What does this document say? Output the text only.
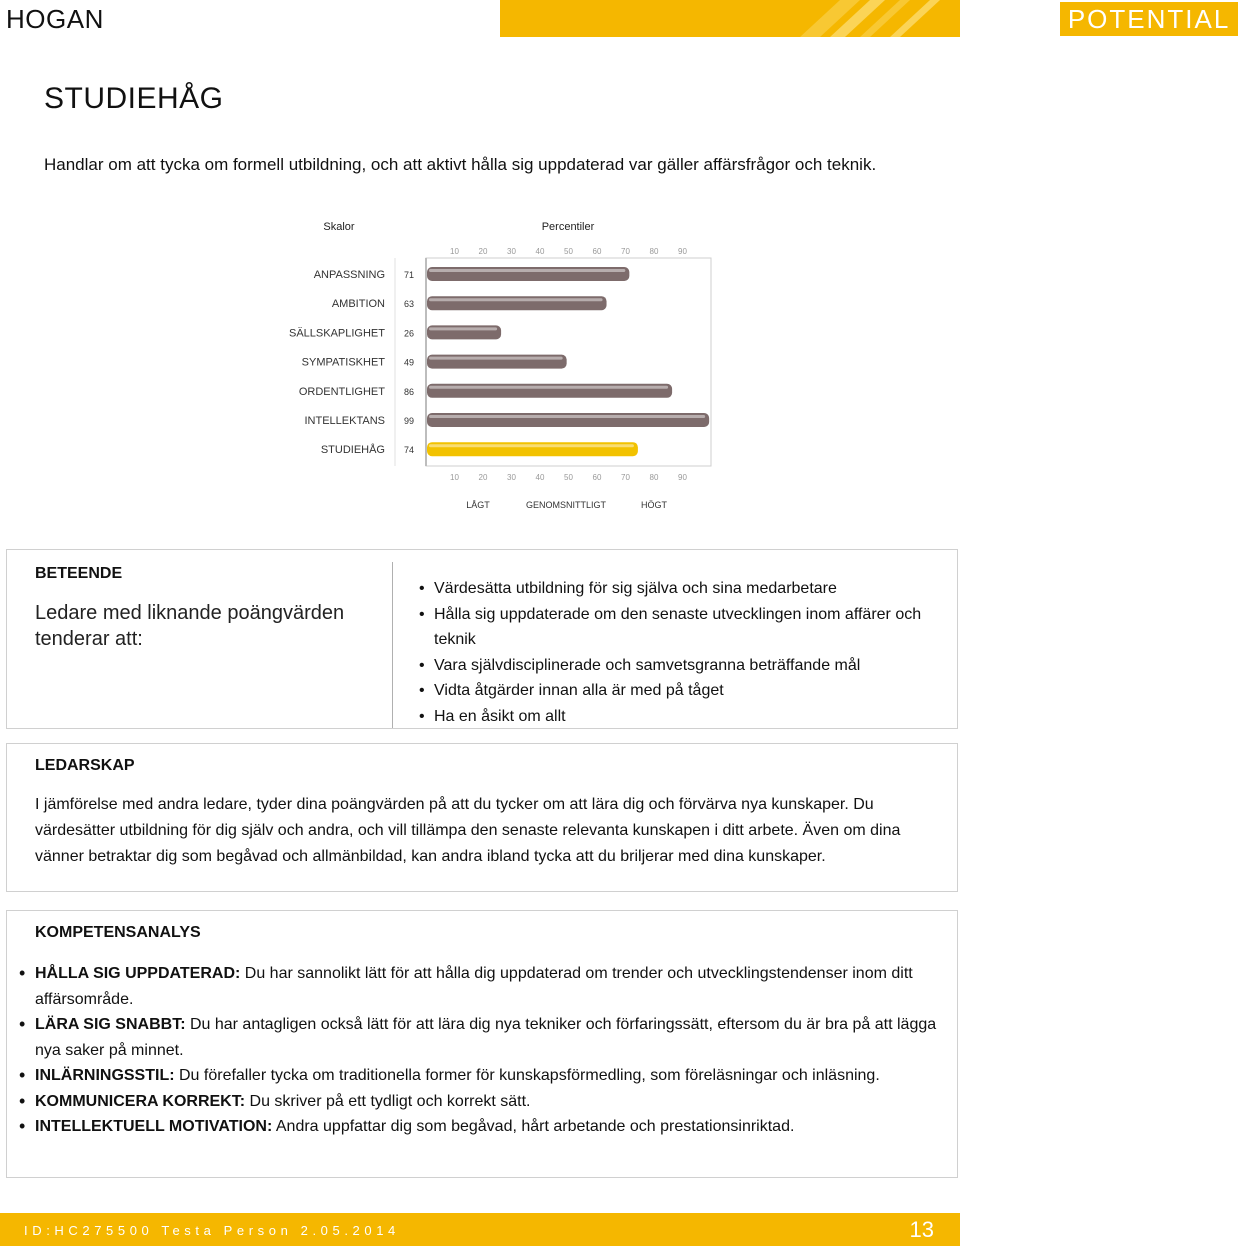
HOGAN	POTENTIAL
STUDIEHÅG
Handlar om att tycka om formell utbildning, och att aktivt hålla sig uppdaterad var gäller affärsfrågor och teknik.
Skalor	Percentiler
10
10
20
20
30
30
40
40
50
50
60
60
70
70
80
80
90
90
ANPASSNING 71
AMBITION 63
SÄLLSKAPLIGHET 26
SYMPATISKHET 49
ORDENTLIGHET 86
INTELLEKTANS 99
STUDIEHÅG 74
LÅGT	GENOMSNITTLIGT	HÖGT
BETEENDE
Ledare med liknande poängvärden tenderar att:
• Värdesätta utbildning för sig själva och sina medarbetare
• Hålla sig uppdaterade om den senaste utvecklingen inom affärer och teknik
• Vara självdisciplinerade och samvetsgranna beträffande mål
• Vidta åtgärder innan alla är med på tåget
• Ha en åsikt om allt
LEDARSKAP
I jämförelse med andra ledare, tyder dina poängvärden på att du tycker om att lära dig och förvärva nya kunskaper. Du värdesätter utbildning för dig själv och andra, och vill tillämpa den senaste relevanta kunskapen i ditt arbete. Även om dina vänner betraktar dig som begåvad och allmänbildad, kan andra ibland tycka att du briljerar med dina kunskaper.
KOMPETENSANALYS
• HÅLLA SIG UPPDATERAD: Du har sannolikt lätt för att hålla dig uppdaterad om trender och utvecklingstendenser inom ditt affärsområde.
• LÄRA SIG SNABBT: Du har antagligen också lätt för att lära dig nya tekniker och förfaringssätt, eftersom du är bra på att lägga nya saker på minnet.
• INLÄRNINGSSTIL: Du förefaller tycka om traditionella former för kunskapsförmedling, som föreläsningar och inläsning.
• KOMMUNICERA KORREKT: Du skriver på ett tydligt och korrekt sätt.
• INTELLEKTUELL MOTIVATION: Andra uppfattar dig som begåvad, hårt arbetande och prestationsinriktad.
ID:HC275500 Testa Person 2.05.2014	13
